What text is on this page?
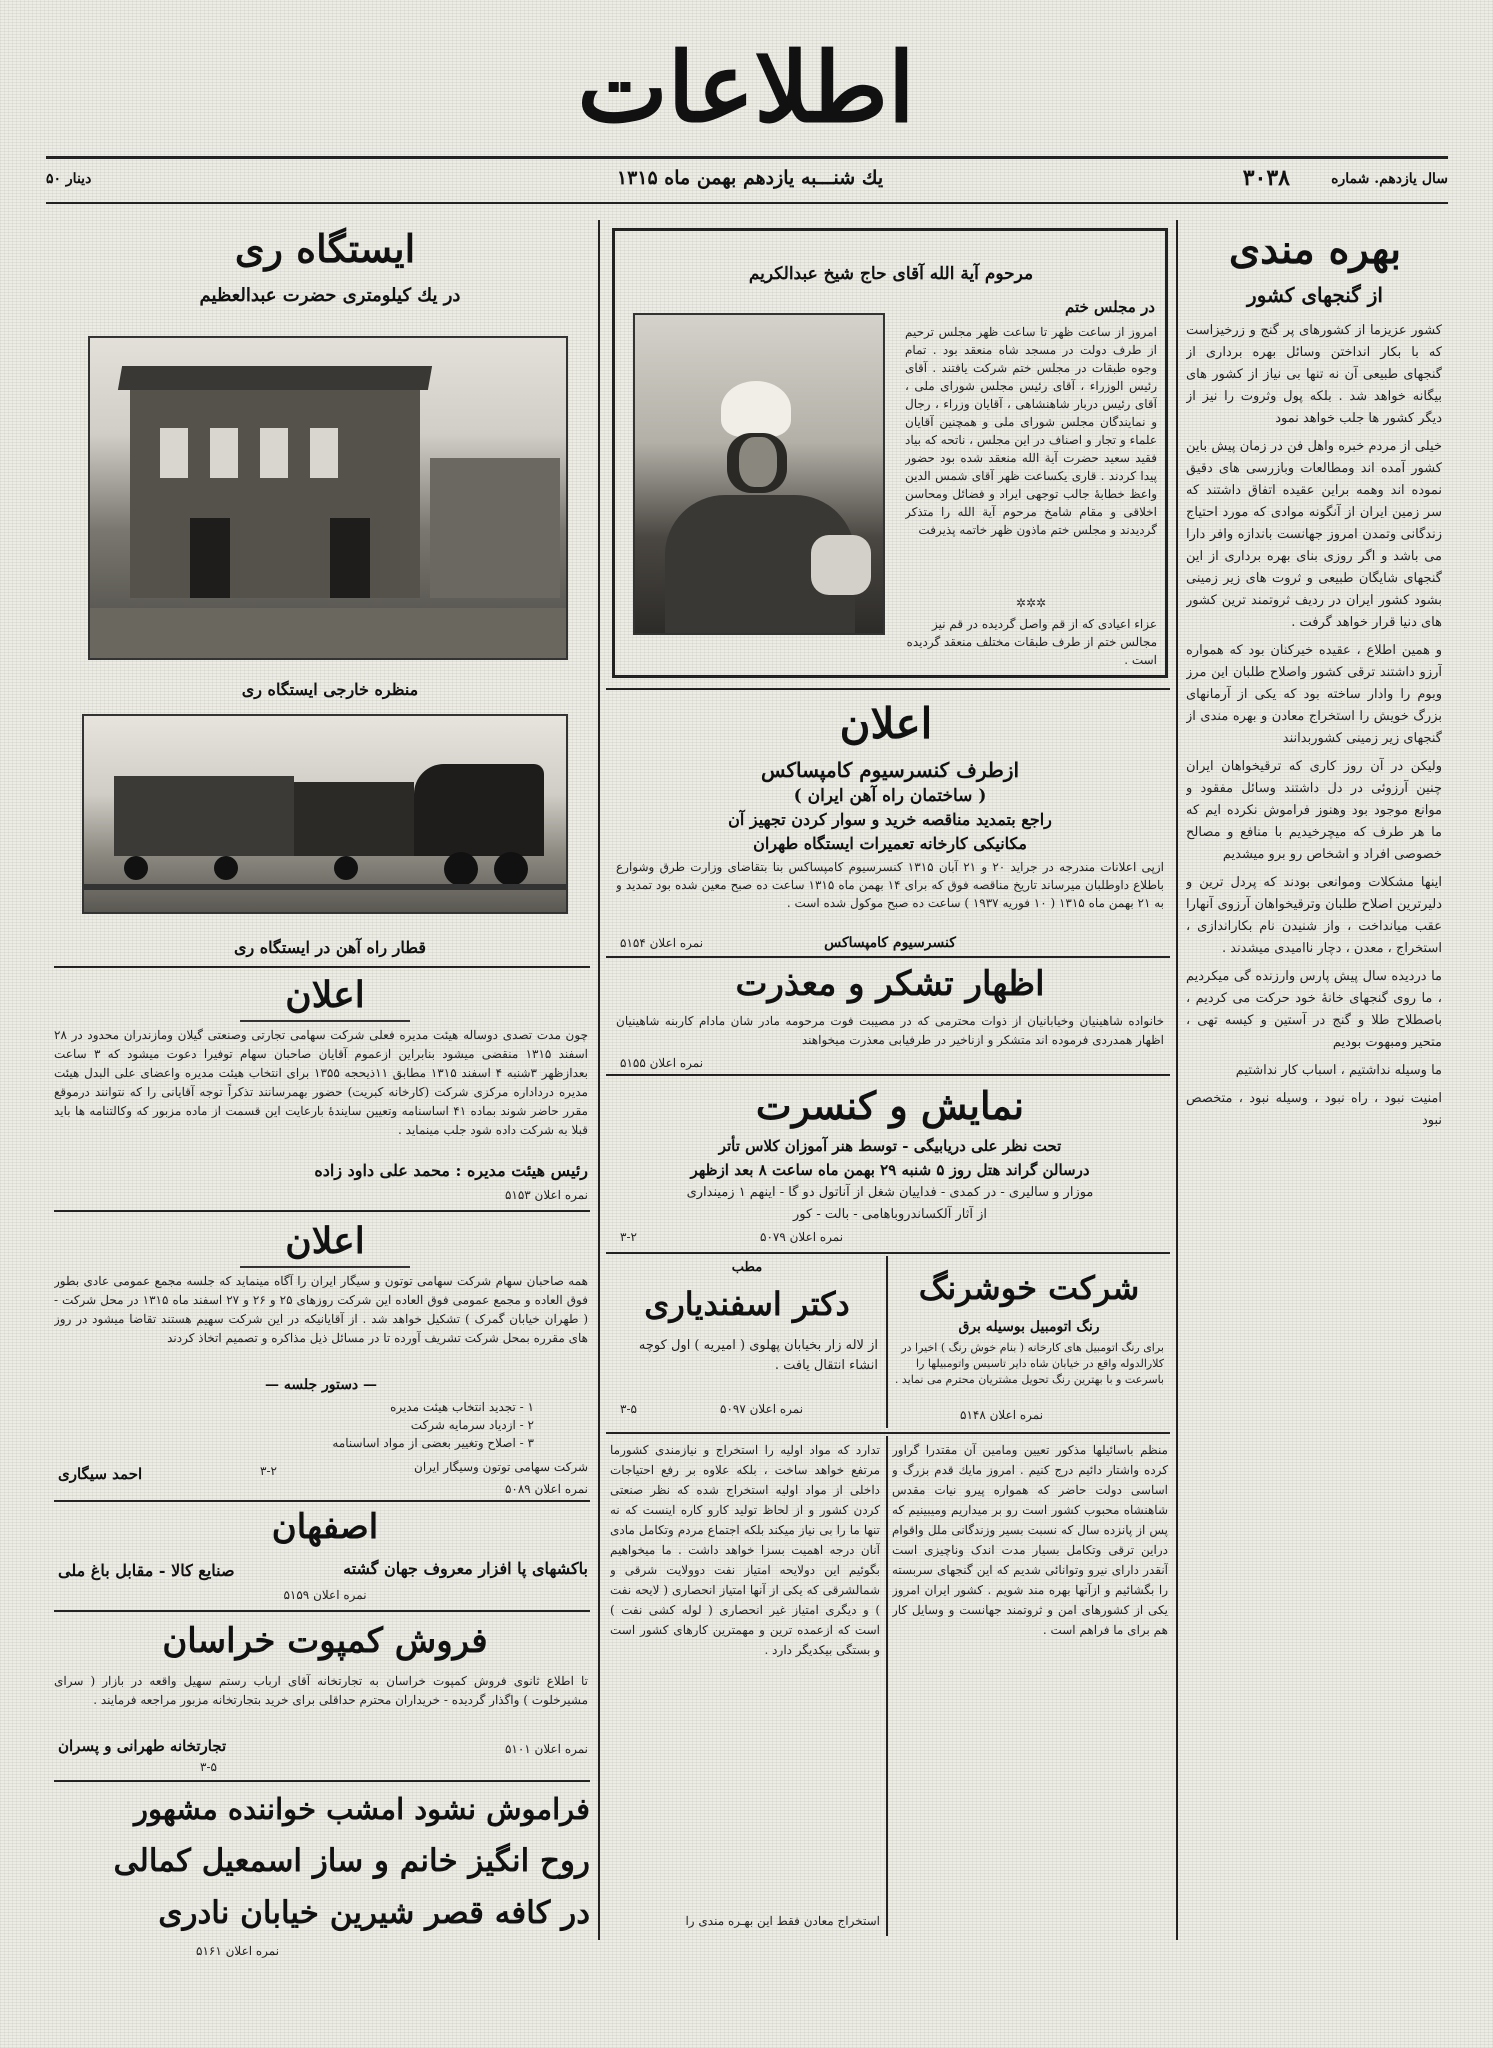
اطلاعات
سال یازدهم. شماره
۳۰۳۸
یك شنـــبه یازدهم بهمن ماه ۱۳۱۵
۵۰ دینار
بهره مندی
از گنجهای کشور

کشور عزیزما از کشورهای پر گنج و زرخیزاست که با بکار انداختن وسائل بهره برداری از گنجهای طبیعی آن نه تنها بی نیاز از کشور های بیگانه خواهد شد . بلکه پول وثروت را نیز از دیگر کشور ها جلب خواهد نمود

خیلی از مردم خبره واهل فن در زمان پیش باین کشور آمده اند ومطالعات وبازرسی های دقیق نموده اند وهمه براین عقیده اتفاق داشتند که سر زمین ایران از آنگونه موادی که مورد احتیاج زندگانی وتمدن امروز جهانست باندازه وافر دارا می باشد و اگر روزی بنای بهره برداری از این گنجهای شایگان طبیعی و ثروت های زیر زمینی بشود کشور ایران در ردیف ثروتمند ترین کشور های دنیا قرار خواهد گرفت .

و همین اطلاع ، عقیده خیرکنان بود که همواره آرزو داشتند ترقی کشور واصلاح طلبان این مرز وبوم را وادار ساخته بود که یکی از آرمانهای بزرگ خویش را استخراج معادن و بهره مندی از گنجهای زیر زمینی کشوربدانند

ولیکن در آن روز کاری که ترقیخواهان ایران چنین آرزوئی در دل داشتند وسائل مفقود و موانع موجود بود وهنوز فراموش نکرده ایم که ما هر طرف که میچرخیدیم با منافع و مصالح خصوصی افراد و اشخاص رو برو میشدیم

اینها مشکلات وموانعی بودند که پردل ترین و دلیرترین اصلاح طلبان وترقیخواهان آرزوی آنهارا عقب میانداخت ، واز شنیدن نام بکاراندازی ، استخراج ، معدن ، دچار ناامیدی میشدند .

ما دردیده سال پیش پارس وارزنده گی میکردیم ، ما روی گنجهای خانهٔ خود حرکت می کردیم ، باصطلاح طلا و گنج در آستین و کیسه تهی ، متحیر ومبهوت بودیم

ما وسیله نداشتیم ، اسباب کار نداشتیم

امنیت نبود ، راه نبود ، وسیله نبود ، متخصص نبود

مرحوم آیة الله آقای حاج شیخ عبدالکریم
در مجلس ختم
امروز از ساعت ظهر تا ساعت ظهر مجلس ترحیم از طرف دولت در مسجد شاه منعقد بود . تمام وجوه طبقات در مجلس ختم شرکت یافتند . آقای رئیس الوزراء ، آقای رئیس مجلس شورای ملی ، آقای رئیس دربار شاهنشاهی ، آقایان وزراء ، رجال و نمایندگان مجلس شورای ملی و همچنین آقایان علماء و تجار و اصناف در این مجلس ، ناتحه که بیاد فقید سعید حضرت آیة الله منعقد شده بود حضور پیدا کردند . قاری یکساعت ظهر آقای شمس الدین واعظ خطابهٔ جالب توجهی ایراد و فضائل ومحاسن اخلاقی و مقام شامخ مرحوم آیة الله را متذکر گردیدند و مجلس ختم ماذون ظهر خاتمه پذیرفت
✲✲✲
عزاء اعیادی که از قم واصل گردیده در قم نیز مجالس ختم از طرف طبقات مختلف منعقد گردیده است .
ایستگاه ری
در یك کیلومتری حضرت عبدالعظیم
منظره خارجی ایستگاه ری
قطار راه آهن در ایستگاه ری
اعلان
چون مدت تصدی دوساله هیئت مدیره فعلی شرکت سهامی تجارتی وصنعتی گیلان ومازندران محدود در ۲۸ اسفند ۱۳۱۵ منقضی میشود بنابراین ازعموم آقایان صاحبان سهام توفیرا دعوت میشود که ۳ ساعت بعدازظهر ۳شنبه ۴ اسفند ۱۳۱۵ مطابق ۱۱ذیحجه ۱۳۵۵ برای انتخاب هیئت مدیره واعضای علی البدل هیئت مدیره درداداره مرکزی شرکت (کارخانه کبریت) حضور بهمرسانند تذکراً توجه آقایانی را که نتوانند درموقع مقرر حاضر شوند بماده ۴۱ اساسنامه وتعیین سایندهٔ بارعایت این قسمت از ماده مزبور که وکالتنامه ها باید قبلا به شرکت داده شود جلب مینماید .
رئیس هیئت مدیره : محمد علی داود زاده
نمره اعلان ۵۱۵۳
اعلان
همه صاحبان سهام شرکت سهامی توتون و سیگار ایران را آگاه مینماید که جلسه مجمع عمومی عادی بطور فوق العاده و مجمع عمومی فوق العاده این شرکت روزهای ۲۵ و ۲۶ و ۲۷ اسفند ماه ۱۳۱۵ در محل شرکت - ( طهران خیابان گمرک ) تشکیل خواهد شد . از آقایانیکه در این شرکت سهیم هستند تقاضا میشود در روز های مقرره بمحل شرکت تشریف آورده تا در مسائل ذیل مذاکره و تصمیم اتخاذ کردند
— دستور جلسه —
۱ - تجدید انتخاب هیئت مدیره
۲ - ازدیاد سرمایه شرکت
۳ - اصلاح وتغییر بعضی از مواد اساسنامه
شرکت سهامی توتون وسیگار ایران
احمد سیگاری
نمره اعلان ۵۰۸۹
۳-۲
اصفهان
صنایع کالا - مقابل باغ ملی	باکشهای پا افزار معروف جهان گشته
نمره اعلان ۵۱۵۹
فروش کمپوت خراسان
تا اطلاع ثانوی فروش کمپوت خراسان به تجارتخانه آقای ارباب رستم سهیل واقعه در بازار ( سرای مشیرخلوت ) واگذار گردیده - خریداران محترم حداقلی برای خرید بتجارتخانه مزبور مراجعه فرمایند .
تجارتخانه طهرانی و پسران	نمره اعلان ۵۱۰۱
۳-۵
فراموش نشود امشب خواننده مشهور
روح انگیز خانم و ساز اسمعیل کمالی
در کافه قصر شیرین خیابان نادری
نمره اعلان ۵۱۶۱
اعلان
ازطرف کنسرسیوم کامپساکس
( ساختمان راه آهن ایران )
راجع بتمدید مناقصه خرید و سوار کردن تجهیز آن
مکانیکی کارخانه تعمیرات ایستگاه طهران
ازپی اعلانات مندرجه در جراید ۲۰ و ۲۱ آبان ۱۳۱۵ کنسرسیوم کامپساکس بنا بتقاضای وزارت طرق وشوارع باطلاع داوطلبان میرساند تاریخ مناقصه فوق که برای ۱۴ بهمن ماه ۱۳۱۵ ساعت ده صبح معین شده بود تمدید و به ۲۱ بهمن ماه ۱۳۱۵ ( ۱۰ فوریه ۱۹۳۷ ) ساعت ده صبح موکول شده است .
کنسرسیوم کامپساکس
نمره اعلان ۵۱۵۴
اظهار تشکر و معذرت
خانواده شاهینیان وخیابانیان از ذوات محترمی که در مصیبت فوت مرحومه مادر شان مادام کاربنه شاهینیان اظهار همدردی فرموده اند متشکر و ازناخیر در طرفیابی معذرت میخواهند
نمره اعلان ۵۱۵۵
نمایش و کنسرت
تحت نظر علی دریابیگی - توسط هنر آموزان کلاس تأتر
درسالن گراند هتل روز ۵ شنبه ۲۹ بهمن ماه ساعت ۸ بعد ازظهر
موزار و سالیری - در کمدی - فداییان شغل از آناتول دو گا - اینهم ۱ زمینداری
از آثار آلکساندروباهامی - بالت - کور
نمره اعلان ۵۰۷۹
۳-۲
مطب
دکتر اسفندیاری
از لاله زار بخیابان پهلوی ( امیریه ) اول کوچه انشاء انتقال یافت .
نمره اعلان ۵۰۹۷
۳-۵
شرکت خوشرنگ
رنگ اتومبیل بوسیله برق
برای رنگ اتومبیل های کارخانه ( بنام خوش رنگ ) اخیرا در کلارالدوله واقع در خیابان شاه دایر تاسیس واتومبیلها را باسرعت و با بهترین رنگ تحویل مشتریان محترم می نماید .
نمره اعلان ۵۱۴۸
منظم باسائیلها مذکور تعیین ومامین آن مقتدرا گراور کرده واشتار دائیم درج کنیم . امروز مایك قدم بزرگ و اساسی دولت حاضر که همواره پیرو نیات مقدس شاهنشاه محبوب کشور است رو بر میداریم ومیبینیم که پس از پانزده سال که نسبت بسیر وزندگانی ملل واقوام دراین ترقی وتکامل بسیار مدت اندک وناچیزی است آنقدر دارای نیرو وتوانائی شدیم که این گنجهای سربسته را بگشائیم و ازآنها بهره مند شویم . کشور ایران امروز یکی از کشورهای امن و ثروتمند جهانست و وسایل کار هم برای ما فراهم است .
تدارد که مواد اولیه را استخراج و نیازمندی کشورما مرتفع خواهد ساخت ، بلکه علاوه بر رفع احتیاجات داخلی از مواد اولیه استخراج شده که نظر صنعتی کردن کشور و از لحاظ تولید کارو کاره اینست که نه تنها ما را بی نیاز میکند بلکه اجتماع مردم وتکامل مادی آنان درجه اهمیت بسزا خواهد داشت . ما میخواهیم بگوئیم این دولایحه امتیاز نفت دوولایت شرقی و شمالشرقی که یکی از آنها امتیاز انحصاری ( لایحه نفت ) و دیگری امتیاز غیر انحصاری ( لوله کشی نفت ) است که ازعمده ترین و مهمترین کارهای کشور است و بستگی بیکدیگر دارد .
استخراج معادن فقط این بهـره مندی را
